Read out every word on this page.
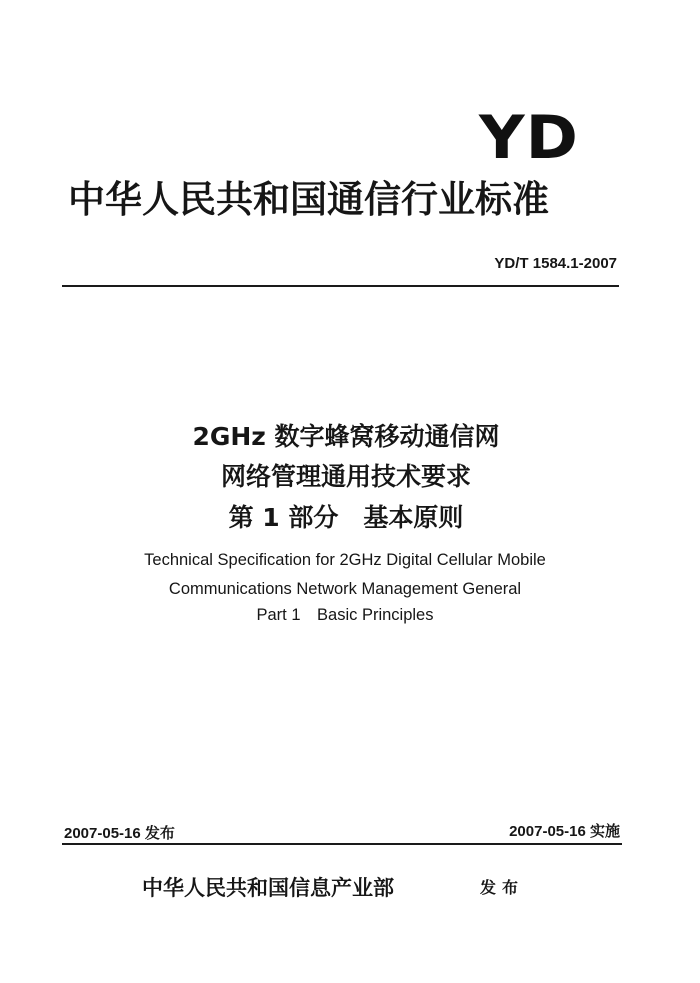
YD
中华人民共和国通信行业标准
YD/T 1584.1-2007
2GHz 数字蜂窝移动通信网
网络管理通用技术要求
第 1 部分　基本原则
Technical Specification for 2GHz Digital Cellular Mobile
Communications Network Management General
Part 1　Basic Principles
2007-05-16 发布	2007-05-16 实施
中华人民共和国信息产业部	发布
